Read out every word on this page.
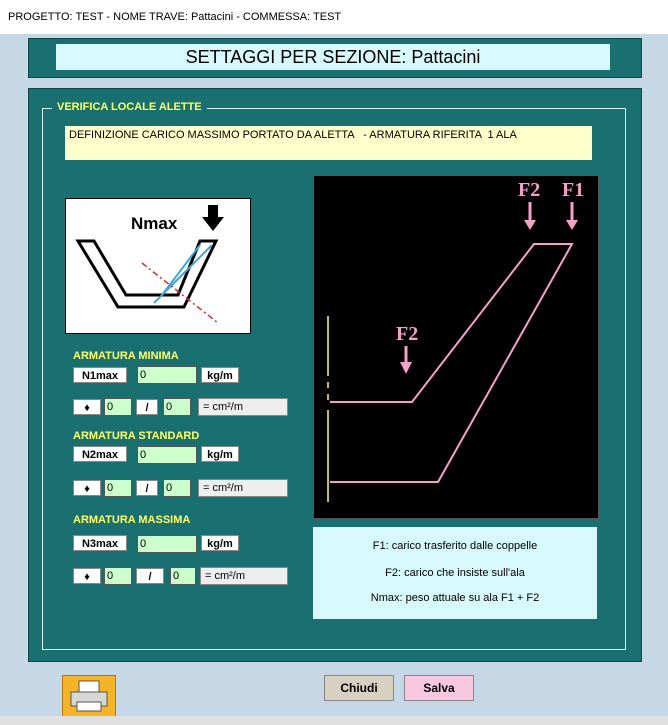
PROGETTO: TEST - NOME TRAVE: Pattacini - COMMESSA: TEST
SETTAGGI PER SEZIONE: Pattacini
VERIFICA LOCALE ALETTE
DEFINIZIONE CARICO MASSIMO PORTATO DA ALETTA   - ARMATURA RIFERITA  1 ALA
Nmax
F2 F1
F2
F1: carico trasferito dalle coppelle
F2: carico che insiste sull'ala
Nmax: peso attuale su ala F1 + F2
ARMATURA MINIMA
N1max	0	kg/m
♦	0	/	0	= cm²/m
ARMATURA STANDARD
N2max	0	kg/m
♦	0	/	0	= cm²/m
ARMATURA MASSIMA
N3max	0	kg/m
♦	0	/	0	= cm²/m
Chiudi	Salva
